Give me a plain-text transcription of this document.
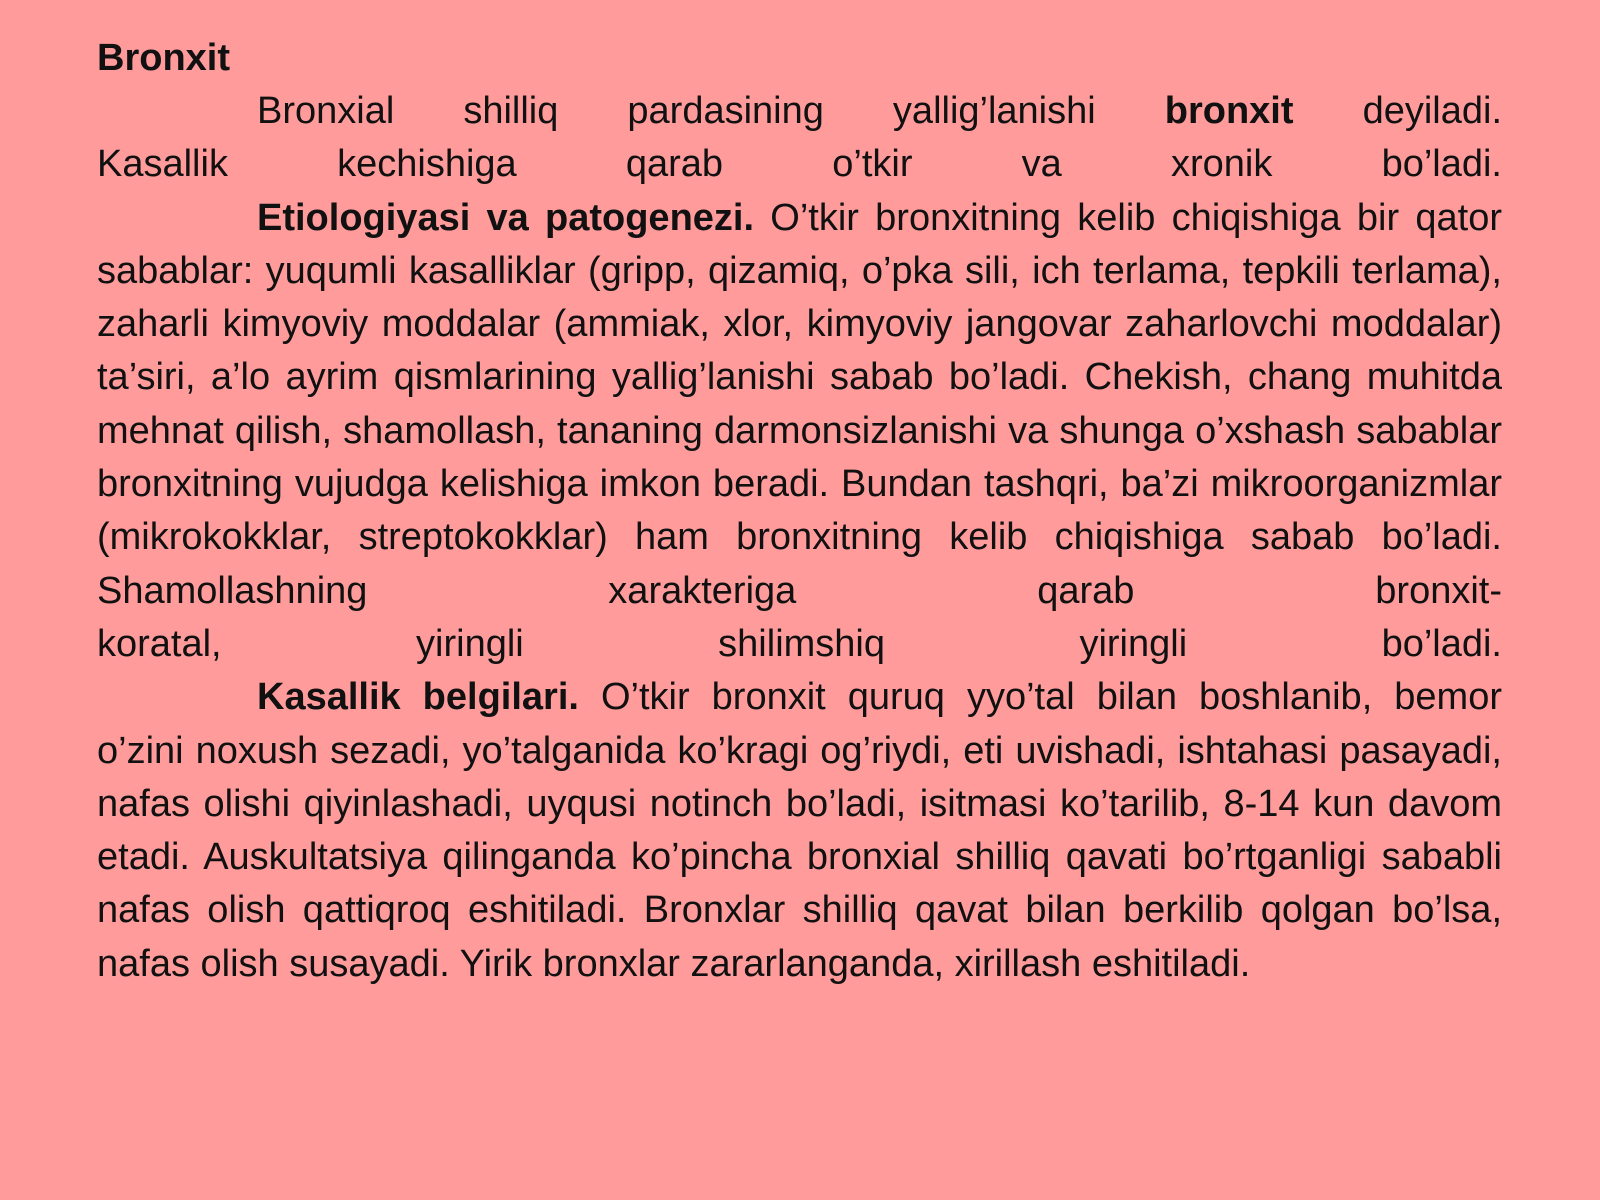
Bronxit

Bronxial shilliq pardasining yallig’lanishi bronxit deyiladi.

Kasallik kechishiga qarab o’tkir va xronik bo’ladi.

Etiologiyasi va patogenezi. O’tkir bronxitning kelib chiqishiga bir qator sabablar: yuqumli kasalliklar (gripp, qizamiq, o’pka sili, ich terlama, tepkili terlama), zaharli kimyoviy moddalar (ammiak, xlor, kimyoviy jangovar zaharlovchi moddalar) ta’siri, a’lo ayrim qismlarining yallig’lanishi sabab bo’ladi. Chekish, chang muhitda mehnat qilish, shamollash, tananing darmonsizlanishi va shunga o’xshash sabablar bronxitning vujudga kelishiga imkon beradi. Bundan tashqri, ba’zi mikroorganizmlar (mikrokokklar, streptokokklar) ham bronxitning kelib chiqishiga sabab bo’ladi. Shamollashning xarakteriga qarab bronxit-

koratal, yiringli shilimshiq yiringli bo’ladi.

Kasallik belgilari. O’tkir bronxit quruq yyo’tal bilan boshlanib, bemor o’zini noxush sezadi, yo’talganida ko’kragi og’riydi, eti uvishadi, ishtahasi pasayadi, nafas olishi qiyinlashadi, uyqusi notinch bo’ladi, isitmasi ko’tarilib, 8-14 kun davom etadi. Auskultatsiya qilinganda ko’pincha bronxial shilliq qavati bo’rtganligi sababli nafas olish qattiqroq eshitiladi. Bronxlar shilliq qavat bilan berkilib qolgan bo’lsa, nafas olish susayadi. Yirik bronxlar zararlanganda, xirillash eshitiladi.
